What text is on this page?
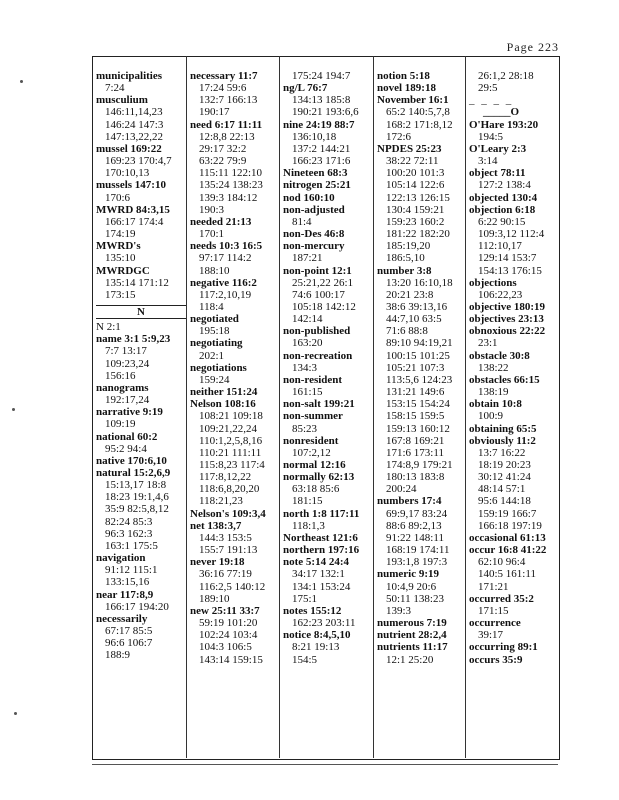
Page 223
municipalities
7:24
musculium
146:11,14,23
146:24 147:3
147:13,22,22
mussel 169:22
169:23 170:4,7
170:10,13
mussels 147:10
170:6
MWRD 84:3,15
166:17 174:4
174:19
MWRD's
135:10
MWRDGC
135:14 171:12
173:15
N
N 2:1
name 3:1 5:9,23
7:7 13:17
109:23,24
156:16
nanograms
192:17,24
narrative 9:19
109:19
national 60:2
95:2 94:4
native 170:6,10
natural 15:2,6,9
15:13,17 18:8
18:23 19:1,4,6
35:9 82:5,8,12
82:24 85:3
96:3 162:3
163:1 175:5
navigation
91:12 115:1
133:15,16
near 117:8,9
166:17 194:20
necessarily
67:17 85:5
96:6 106:7
188:9
necessary 11:7
17:24 59:6
132:7 166:13
190:17
need 6:17 11:11
12:8,8 22:13
29:17 32:2
63:22 79:9
115:11 122:10
135:24 138:23
139:3 184:12
190:3
needed 21:13
170:1
needs 10:3 16:5
97:17 114:2
188:10
negative 116:2
117:2,10,19
118:4
negotiated
195:18
negotiating
202:1
negotiations
159:24
neither 151:24
Nelson 108:16
108:21 109:18
109:21,22,24
110:1,2,5,8,16
110:21 111:11
115:8,23 117:4
117:8,12,22
118:6,8,20,20
118:21,23
Nelson's 109:3,4
net 138:3,7
144:3 153:5
155:7 191:13
never 19:18
36:16 77:19
116:2,5 140:12
189:10
new 25:11 33:7
59:19 101:20
102:24 103:4
104:3 106:5
143:14 159:15
175:24 194:7
ng/L 76:7
134:13 185:8
190:21 193:6,6
nine 24:19 88:7
136:10,18
137:2 144:21
166:23 171:6
Nineteen 68:3
nitrogen 25:21
nod 160:10
non-adjusted
81:4
non-Des 46:8
non-mercury
187:21
non-point 12:1
25:21,22 26:1
74:6 100:17
105:18 142:12
142:14
non-published
163:20
non-recreation
134:3
non-resident
161:15
non-salt 199:21
non-summer
85:23
nonresident
107:2,12
normal 12:16
normally 62:13
63:18 85:6
181:15
north 1:8 117:11
118:1,3
Northeast 121:6
northern 197:16
note 5:14 24:4
34:17 132:1
134:1 153:24
175:1
notes 155:12
162:23 203:11
notice 8:4,5,10
8:21 19:13
154:5
notion 5:18
novel 189:18
November 16:1
65:2 140:5,7,8
168:2 171:8,12
172:6
NPDES 25:23
38:22 72:11
100:20 101:3
105:14 122:6
122:13 126:15
130:4 159:21
159:23 160:2
181:22 182:20
185:19,20
186:5,10
number 3:8
13:20 16:10,18
20:21 23:8
38:6 39:13,16
44:7,10 63:5
71:6 88:8
89:10 94:19,21
100:15 101:25
105:21 107:3
113:5,6 124:23
131:21 149:6
153:15 154:24
158:15 159:5
159:13 160:12
167:8 169:21
171:6 173:11
174:8,9 179:21
180:13 183:8
200:24
numbers 17:4
69:9,17 83:24
88:6 89:2,13
91:22 148:11
168:19 174:11
193:1,8 197:3
numeric 9:19
10:4,9 20:6
50:11 138:23
139:3
numerous 7:19
nutrient 28:2,4
nutrients 11:17
12:1 25:20
26:1,2 28:18
29:5
_ _ _ _
_____O
O'Hare 193:20
194:5
O'Leary 2:3
3:14
object 78:11
127:2 138:4
objected 130:4
objection 6:18
6:22 90:15
109:3,12 112:4
112:10,17
129:14 153:7
154:13 176:15
objections
106:22,23
objective 180:19
objectives 23:13
obnoxious 22:22
23:1
obstacle 30:8
138:22
obstacles 66:15
138:19
obtain 10:8
100:9
obtaining 65:5
obviously 11:2
13:7 16:22
18:19 20:23
30:12 41:24
48:14 57:1
95:6 144:18
159:19 166:7
166:18 197:19
occasional 61:13
occur 16:8 41:22
62:10 96:4
140:5 161:11
171:21
occurred 35:2
171:15
occurrence
39:17
occurring 89:1
occurs 35:9
